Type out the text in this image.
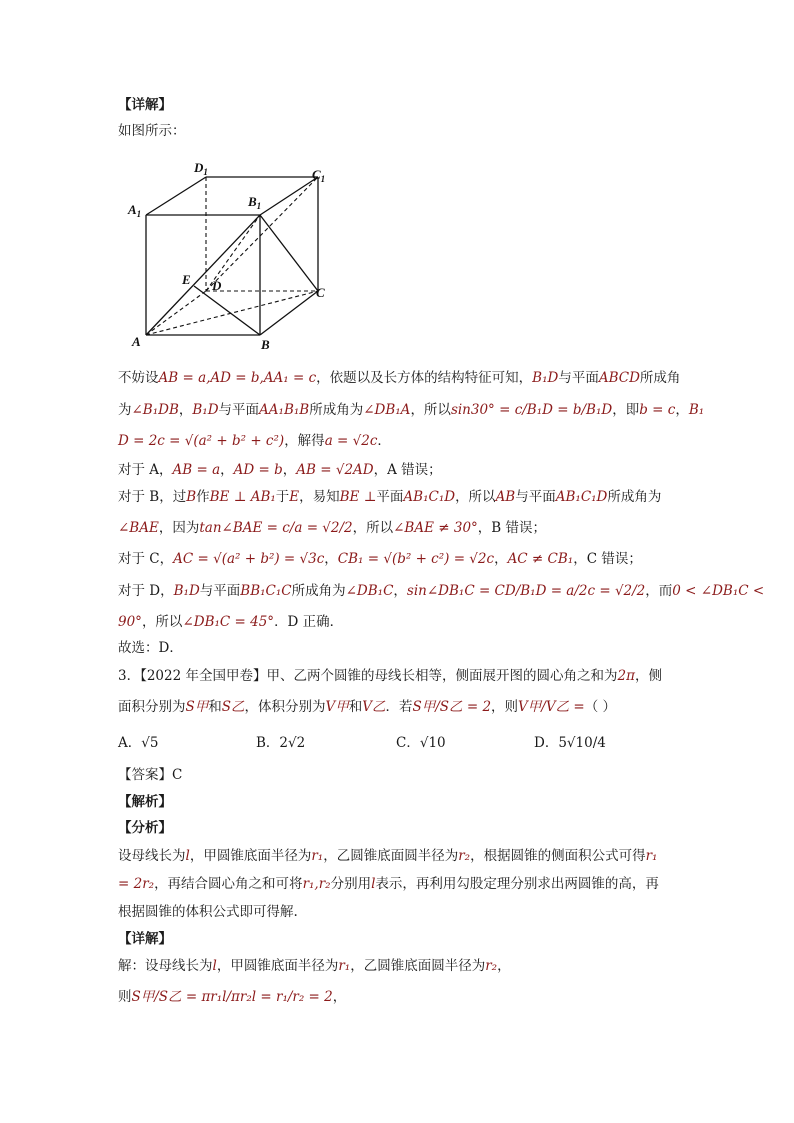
【详解】
如图所示：
$D_1$	$C_1$
$A_1$
$B_1$
E D	C
A	B
不妨设AB = a,AD = b,AA₁ = c，依题以及长方体的结构特征可知，B₁D与平面ABCD所成角
为∠B₁DB，B₁D与平面AA₁B₁B所成角为∠DB₁A，所以sin30° = c/B₁D = b/B₁D，即b = c，B₁
D = 2c = √(a² + b² + c²)，解得a = √2c．
对于 A，AB = a，AD = b，AB = √2AD，A 错误；
对于 B，过B作BE ⊥ AB₁于E，易知BE ⊥平面AB₁C₁D，所以AB与平面AB₁C₁D所成角为
∠BAE，因为tan∠BAE = c/a = √2/2，所以∠BAE ≠ 30°，B 错误；
对于 C，AC = √(a² + b²) = √3c，CB₁ = √(b² + c²) = √2c，AC ≠ CB₁，C 错误；
对于 D，B₁D与平面BB₁C₁C所成角为∠DB₁C，sin∠DB₁C = CD/B₁D = a/2c = √2/2，而0 < ∠DB₁C <
90°，所以∠DB₁C = 45°．D 正确．
故选：D．
3．【2022 年全国甲卷】甲、乙两个圆锥的母线长相等，侧面展开图的圆心角之和为2π，侧
面积分别为S甲和S乙，体积分别为V甲和V乙．若S甲/S乙 = 2，则V甲/V乙 =（ ）
A．√5	B．2√2	C．√10	D．5√10/4
【答案】C
【解析】
【分析】
设母线长为l，甲圆锥底面半径为r₁，乙圆锥底面圆半径为r₂，根据圆锥的侧面积公式可得r₁
= 2r₂，再结合圆心角之和可将r₁,r₂分别用l表示，再利用勾股定理分别求出两圆锥的高，再
根据圆锥的体积公式即可得解.
【详解】
解：设母线长为l，甲圆锥底面半径为r₁，乙圆锥底面圆半径为r₂，
则S甲/S乙 = πr₁l/πr₂l = r₁/r₂ = 2，
